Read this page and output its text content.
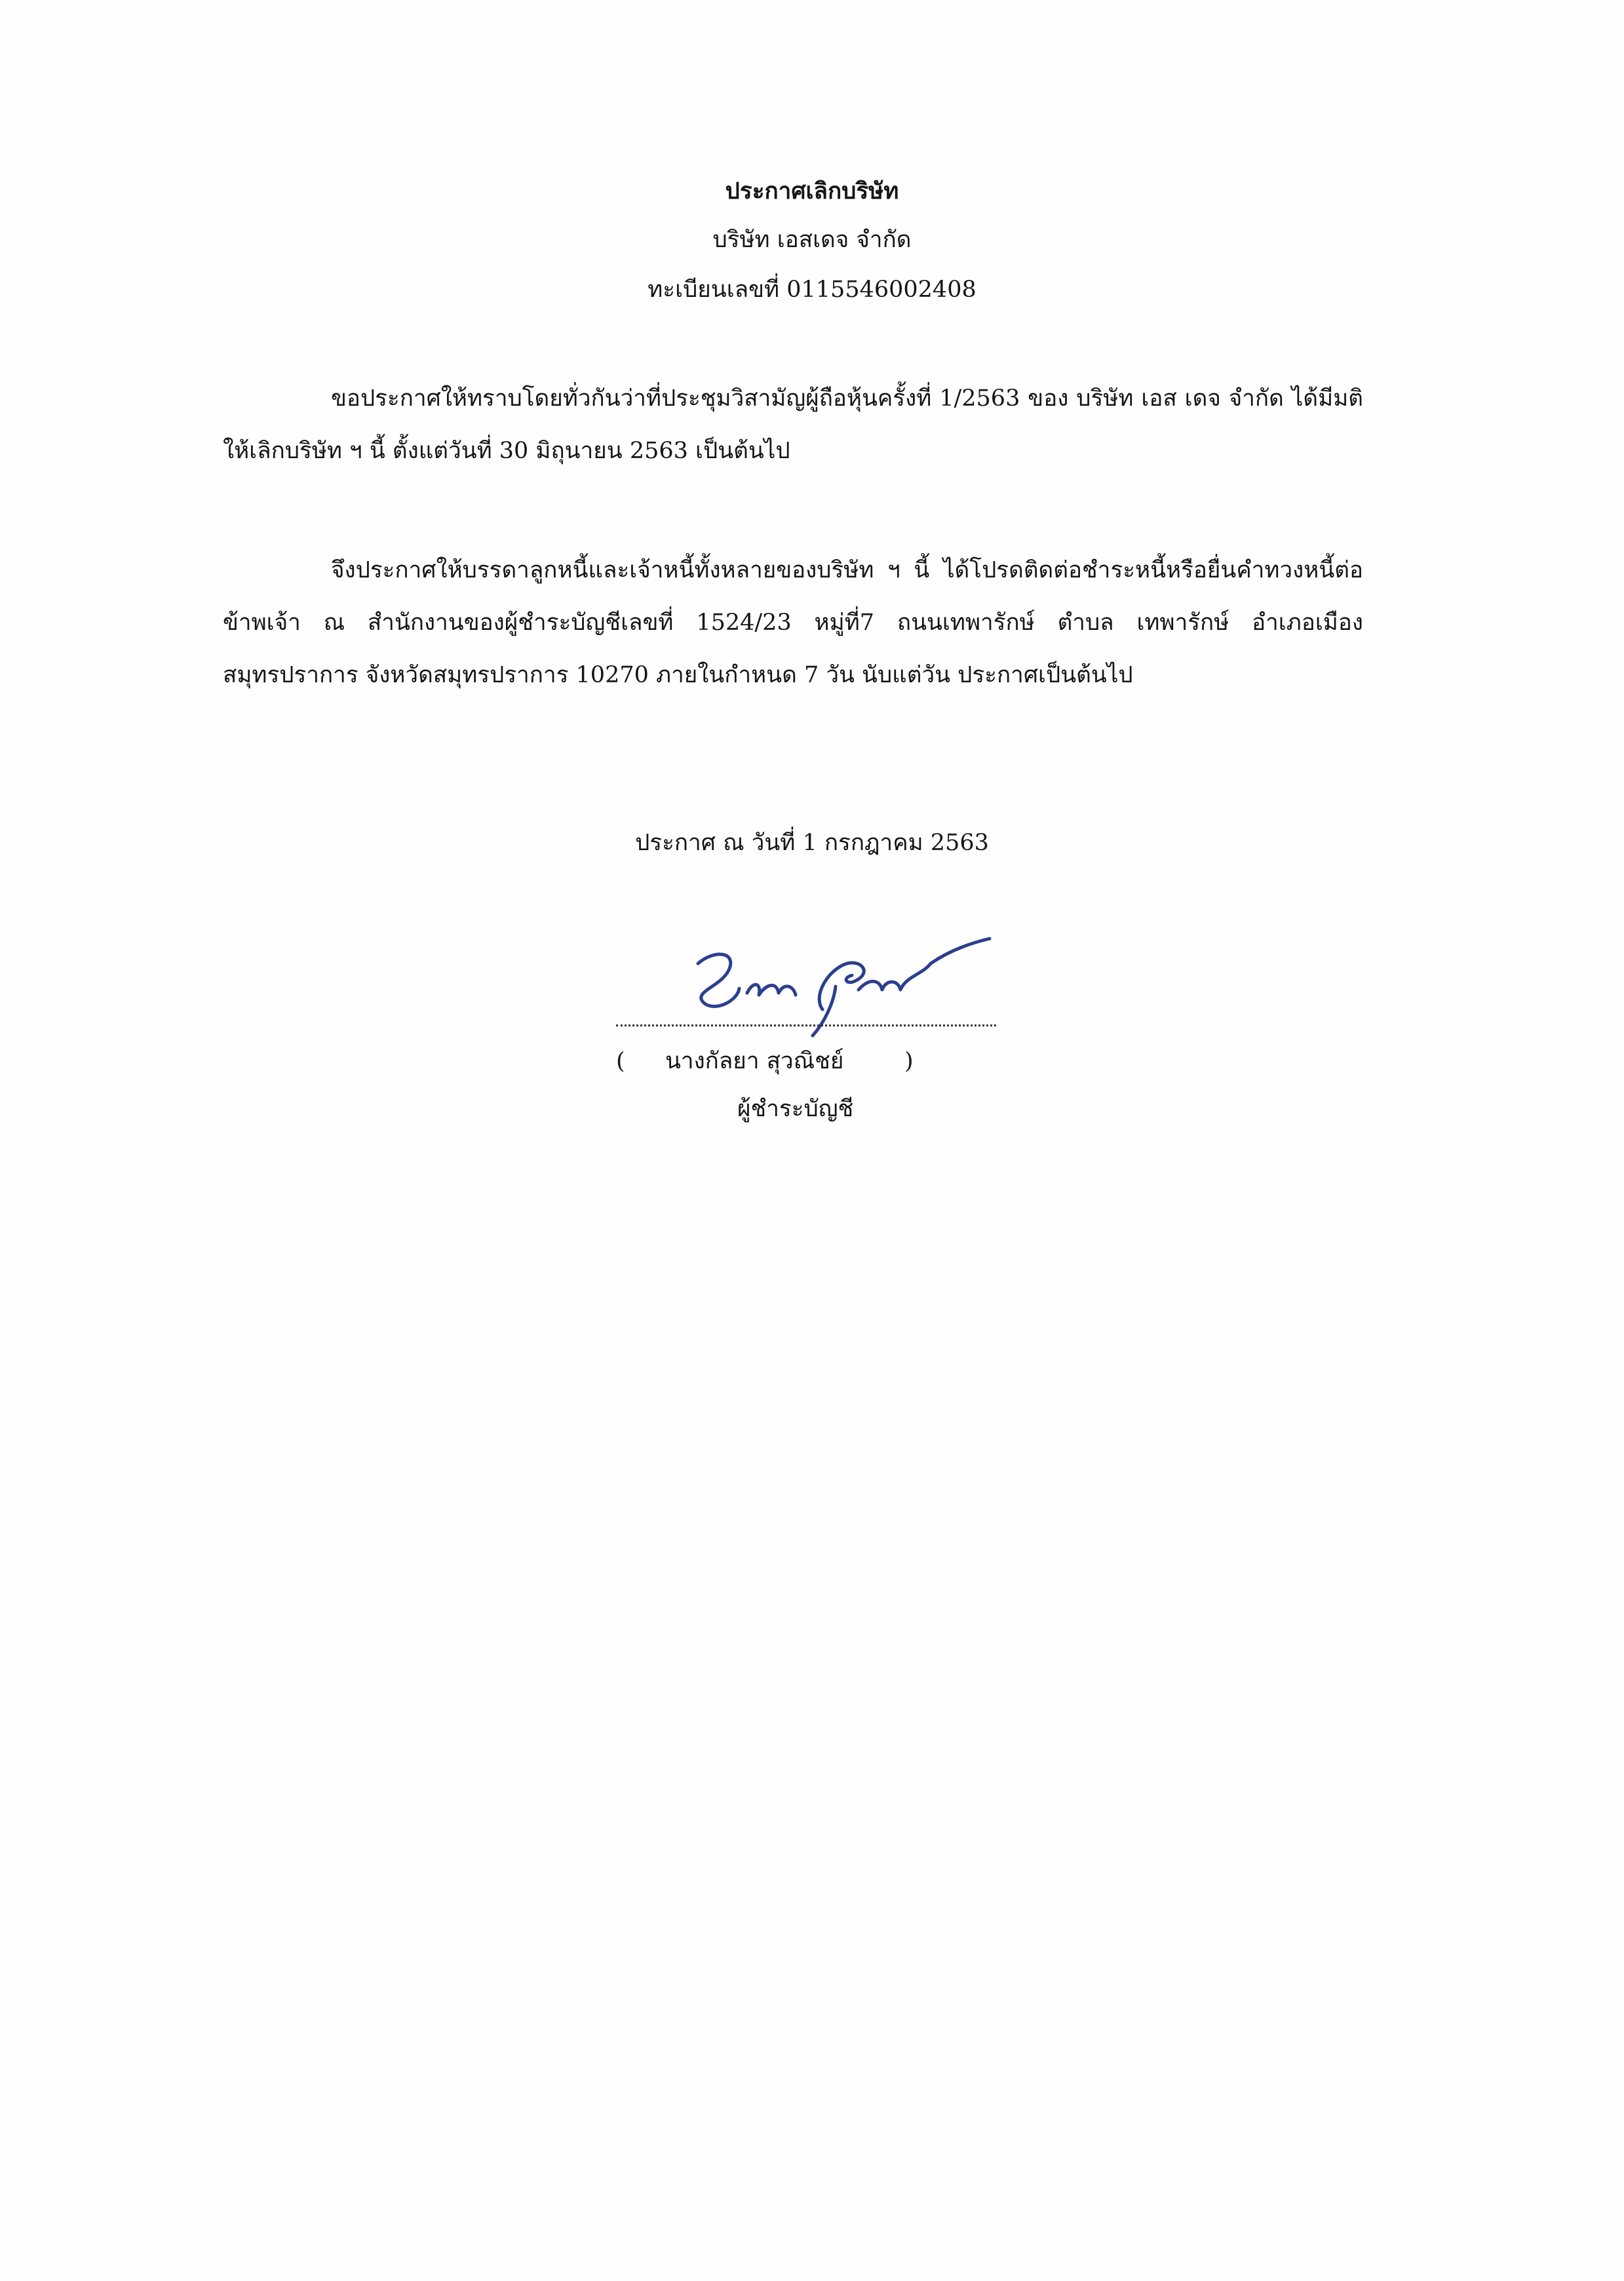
ประกาศเลิกบริษัท
บริษัท เอสเดจ จำกัด
ทะเบียนเลขที่ 0115546002408
ขอประกาศให้ทราบโดยทั่วกันว่าที่ประชุมวิสามัญผู้ถือหุ้นครั้งที่ 1/2563 ของ บริษัท เอส เดจ จำกัด ได้มีมติให้เลิกบริษัท ฯ นี้ ตั้งแต่วันที่ 30 มิถุนายน 2563 เป็นต้นไป
จึงประกาศให้บรรดาลูกหนี้และเจ้าหนี้ทั้งหลายของบริษัท ฯ นี้ ได้โปรดติดต่อชำระหนี้หรือยื่นคำทวงหนี้ต่อข้าพเจ้า ณ สำนักงานของผู้ชำระบัญชีเลขที่ 1524/23 หมู่ที่7 ถนนเทพารักษ์ ตำบล เทพารักษ์ อำเภอเมืองสมุทรปราการ จังหวัดสมุทรปราการ 10270 ภายในกำหนด 7 วัน นับแต่วัน ประกาศเป็นต้นไป
ประกาศ ณ วันที่ 1 กรกฎาคม 2563
( นางกัลยา สุวณิชย์	)
ผู้ชำระบัญชี
